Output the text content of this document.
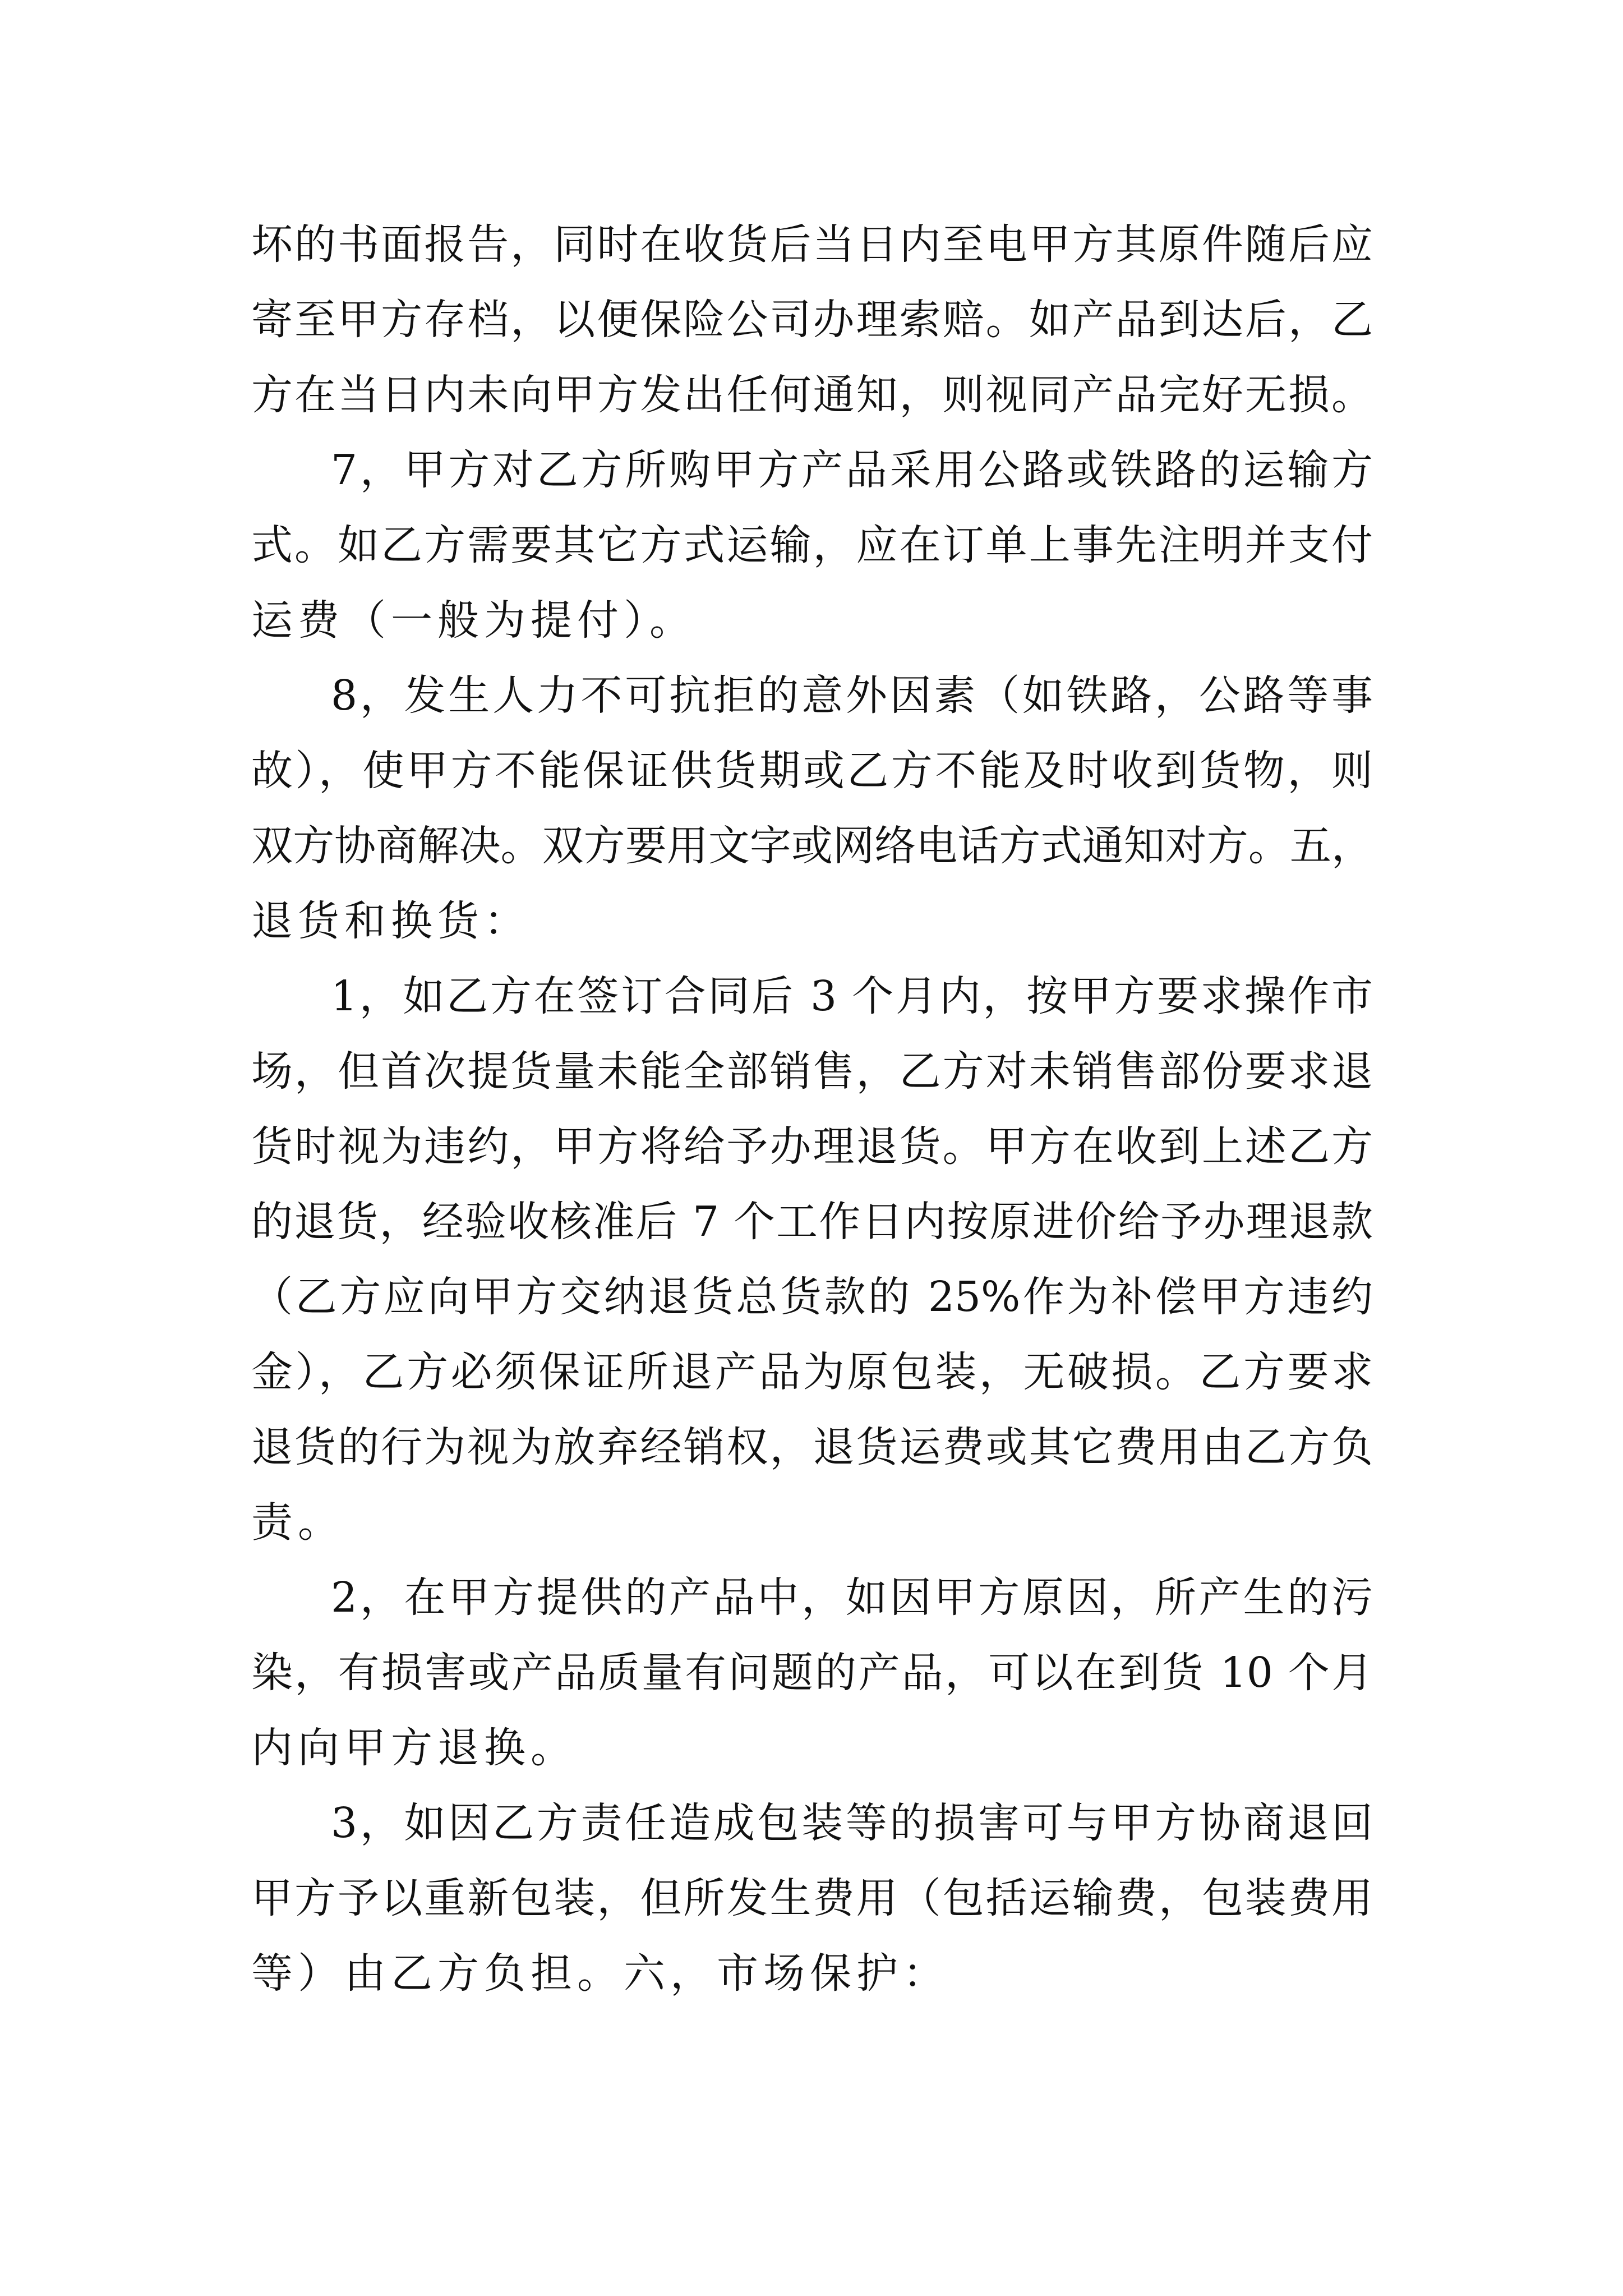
坏的书面报告，同时在收货后当日内至电甲方其原件随后应
寄至甲方存档，以便保险公司办理索赔。如产品到达后，乙
方在当日内未向甲方发出任何通知，则视同产品完好无损。
7，甲方对乙方所购甲方产品采用公路或铁路的运输方
式。如乙方需要其它方式运输，应在订单上事先注明并支付
运费（一般为提付）。
8，发生人力不可抗拒的意外因素（如铁路，公路等事
故），使甲方不能保证供货期或乙方不能及时收到货物，则
双方协商解决。双方要用文字或网络电话方式通知对方。五，
退货和换货：
1，如乙方在签订合同后 3 个月内，按甲方要求操作市
场，但首次提货量未能全部销售，乙方对未销售部份要求退
货时视为违约，甲方将给予办理退货。甲方在收到上述乙方
的退货，经验收核准后 7 个工作日内按原进价给予办理退款
（乙方应向甲方交纳退货总货款的 25%作为补偿甲方违约
金），乙方必须保证所退产品为原包装，无破损。乙方要求
退货的行为视为放弃经销权，退货运费或其它费用由乙方负
责。
2，在甲方提供的产品中，如因甲方原因，所产生的污
染，有损害或产品质量有问题的产品，可以在到货 10 个月
内向甲方退换。
3，如因乙方责任造成包装等的损害可与甲方协商退回
甲方予以重新包装，但所发生费用（包括运输费，包装费用
等）由乙方负担。六，市场保护：
